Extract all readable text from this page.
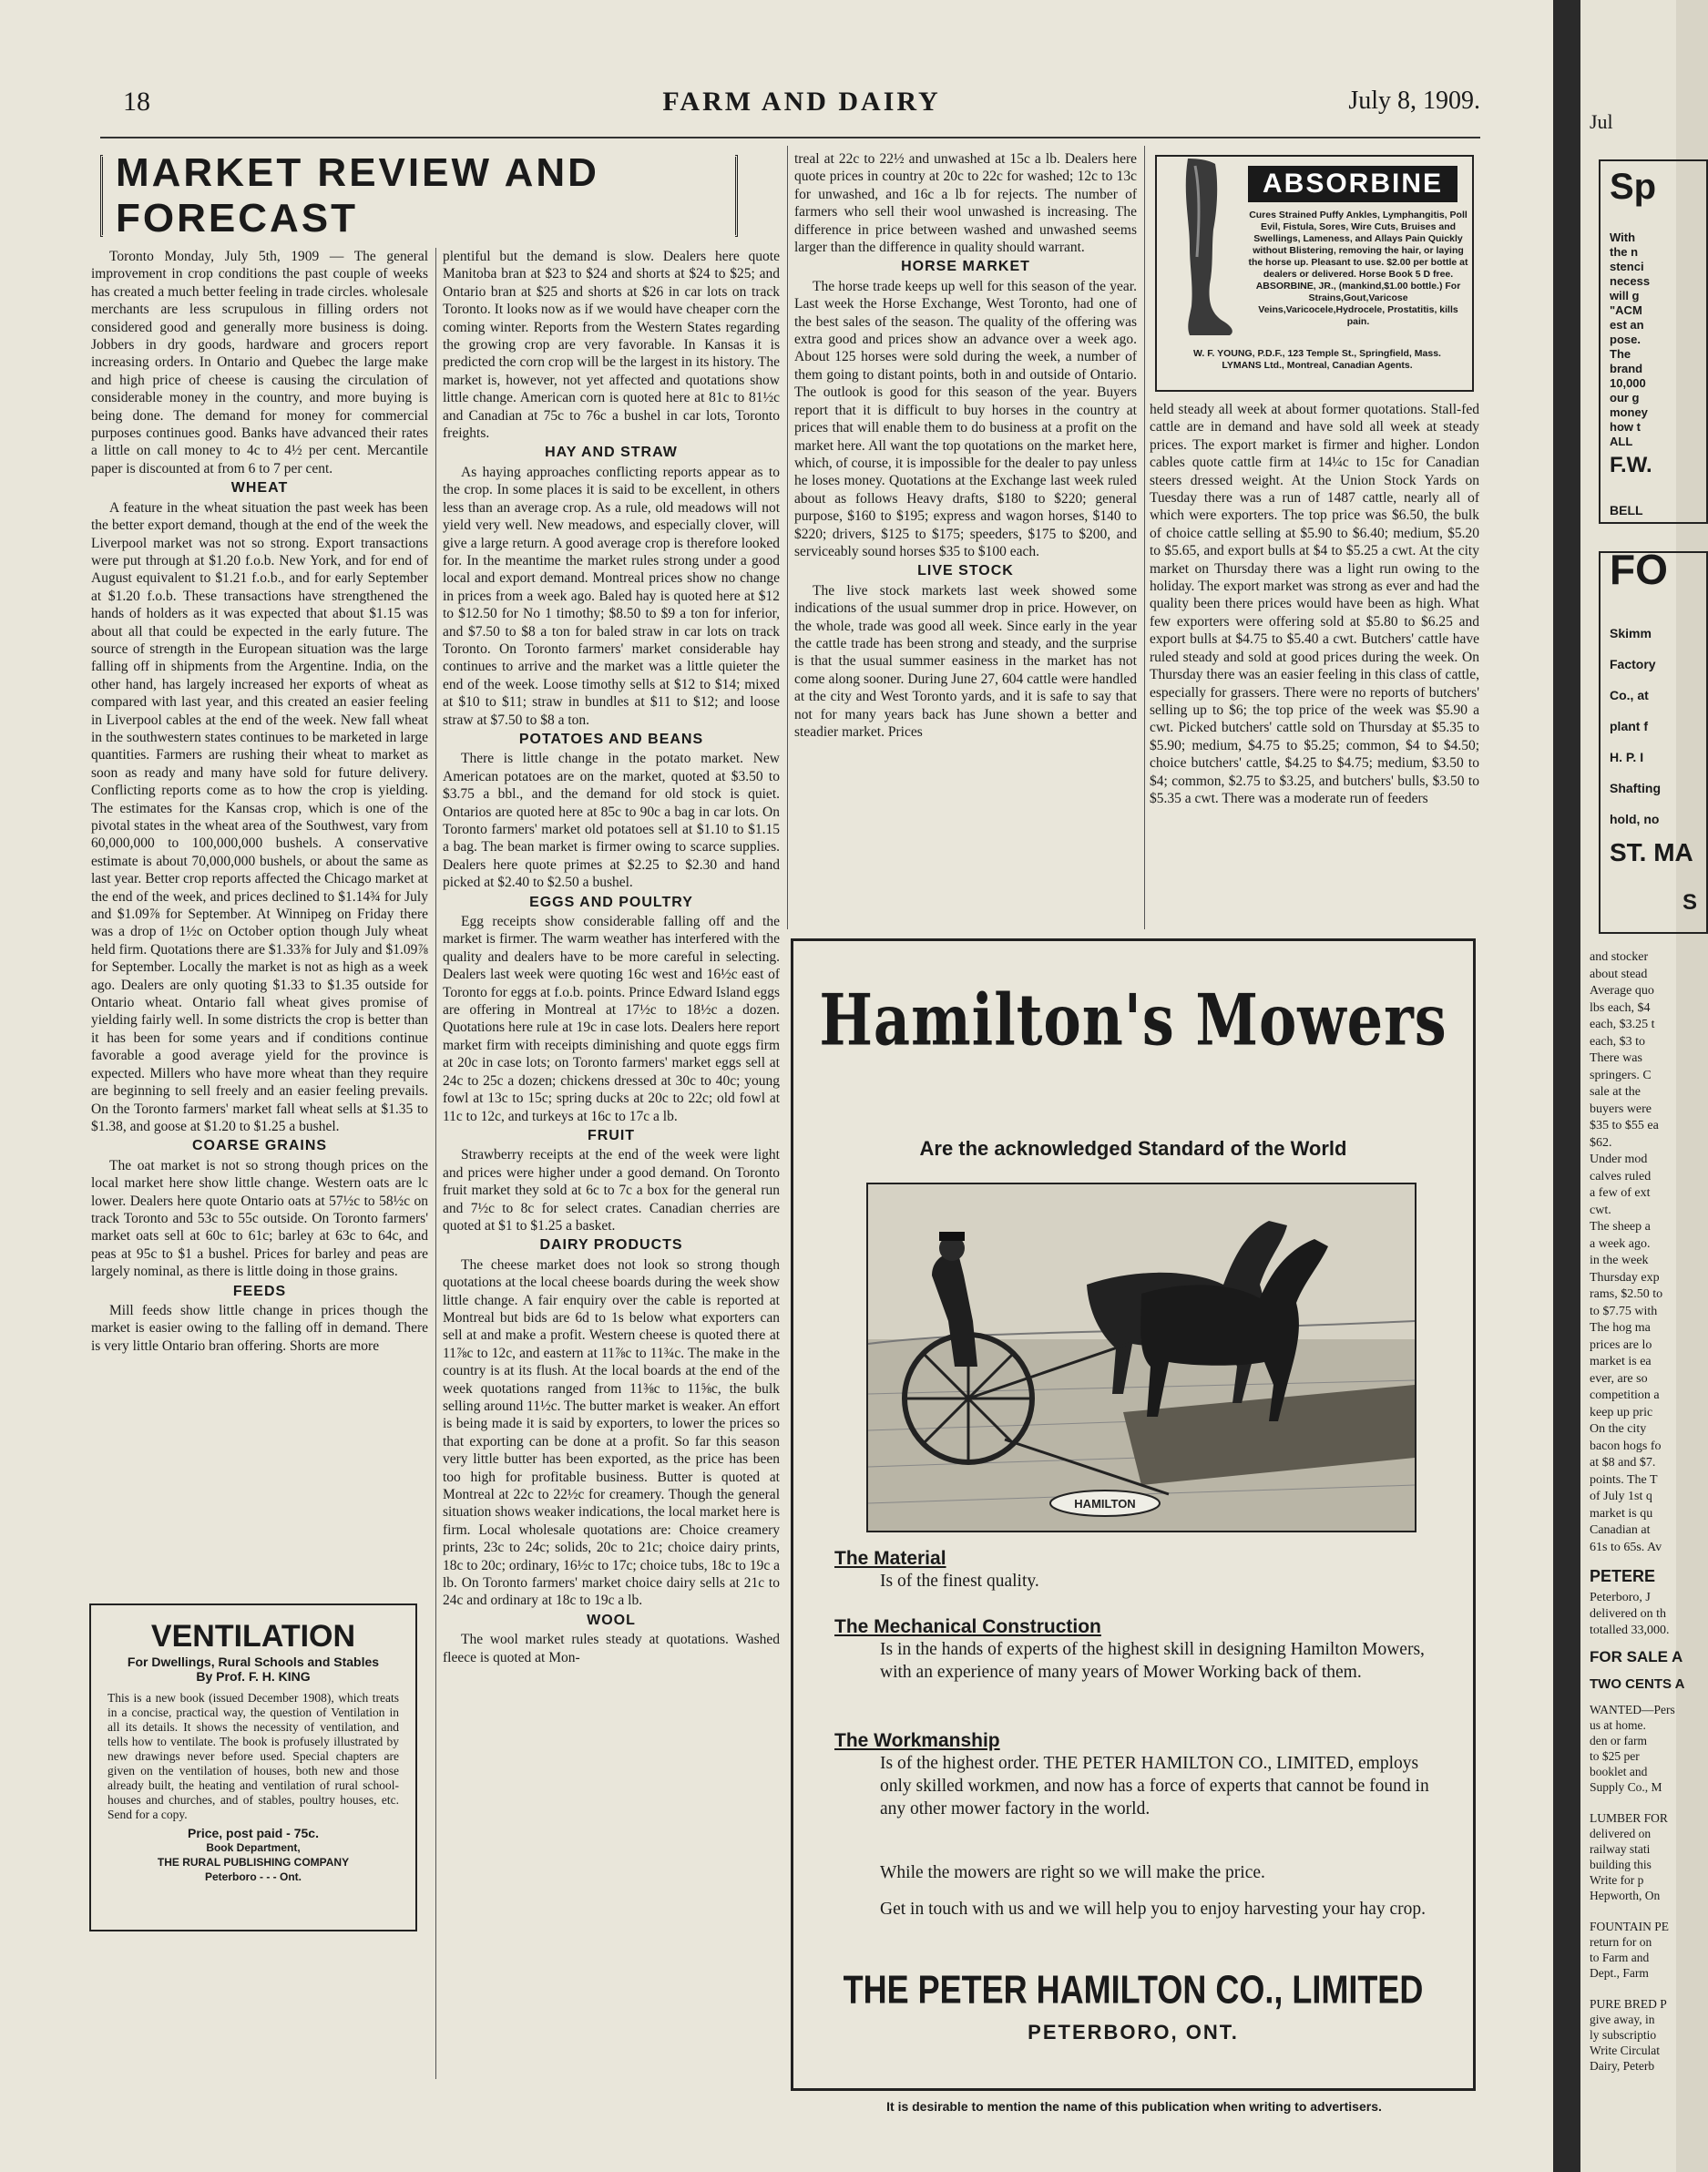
18	FARM AND DAIRY	July 8, 1909.
MARKET REVIEW AND FORECAST

Toronto Monday, July 5th, 1909 — The general improvement in crop conditions the past couple of weeks has created a much better feeling in trade circles. wholesale merchants are less scrupulous in filling orders not considered good and generally more business is doing. Jobbers in dry goods, hardware and grocers report increasing orders. In Ontario and Quebec the large make and high price of cheese is causing the circulation of considerable money in the country, and more buying is being done. The demand for money for commercial purposes continues good. Banks have advanced their rates a little on call money to 4c to 4½ per cent. Mercantile paper is discounted at from 6 to 7 per cent.

WHEAT

A feature in the wheat situation the past week has been the better export demand, though at the end of the week the Liverpool market was not so strong. Export transactions were put through at $1.20 f.o.b. New York, and for end of August equivalent to $1.21 f.o.b., and for early September at $1.20 f.o.b. These transactions have strengthened the hands of holders as it was expected that about $1.15 was about all that could be expected in the early future. The source of strength in the European situation was the large falling off in shipments from the Argentine. India, on the other hand, has largely increased her exports of wheat as compared with last year, and this created an easier feeling in Liverpool cables at the end of the week. New fall wheat in the southwestern states continues to be marketed in large quantities. Farmers are rushing their wheat to market as soon as ready and many have sold for future delivery. Conflicting reports come as to how the crop is yielding. The estimates for the Kansas crop, which is one of the pivotal states in the wheat area of the Southwest, vary from 60,000,000 to 100,000,000 bushels. A conservative estimate is about 70,000,000 bushels, or about the same as last year. Better crop reports affected the Chicago market at the end of the week, and prices declined to $1.14¾ for July and $1.09⅞ for September. At Winnipeg on Friday there was a drop of 1½c on October option though July wheat held firm. Quotations there are $1.33⅞ for July and $1.09⅞ for September. Locally the market is not as high as a week ago. Dealers are only quoting $1.33 to $1.35 outside for Ontario wheat. Ontario fall wheat gives promise of yielding fairly well. In some districts the crop is better than it has been for some years and if conditions continue favorable a good average yield for the province is expected. Millers who have more wheat than they require are beginning to sell freely and an easier feeling prevails. On the Toronto farmers' market fall wheat sells at $1.35 to $1.38, and goose at $1.20 to $1.25 a bushel.

COARSE GRAINS

The oat market is not so strong though prices on the local market here show little change. Western oats are lc lower. Dealers here quote Ontario oats at 57½c to 58½c on track Toronto and 53c to 55c outside. On Toronto farmers' market oats sell at 60c to 61c; barley at 63c to 64c, and peas at 95c to $1 a bushel. Prices for barley and peas are largely nominal, as there is little doing in those grains.

FEEDS

Mill feeds show little change in prices though the market is easier owing to the falling off in demand. There is very little Ontario bran offering. Shorts are more

VENTILATION
For Dwellings, Rural Schools and Stables
By Prof. F. H. KING
This is a new book (issued December 1908), which treats in a concise, practical way, the question of Ventilation in all its details. It shows the necessity of ventilation, and tells how to ventilate. The book is profusely illustrated by new drawings never before used. Special chapters are given on the ventilation of houses, both new and those already built, the heating and ventilation of rural school-houses and churches, and of stables, poultry houses, etc. Send for a copy.
Price, post paid - 75c.
Book Department,
THE RURAL PUBLISHING COMPANY
Peterboro - - - Ont.

plentiful but the demand is slow. Dealers here quote Manitoba bran at $23 to $24 and shorts at $24 to $25; and Ontario bran at $25 and shorts at $26 in car lots on track Toronto. It looks now as if we would have cheaper corn the coming winter. Reports from the Western States regarding the growing crop are very favorable. In Kansas it is predicted the corn crop will be the largest in its history. The market is, however, not yet affected and quotations show little change. American corn is quoted here at 81c to 81½c and Canadian at 75c to 76c a bushel in car lots, Toronto freights.

HAY AND STRAW

As haying approaches conflicting reports appear as to the crop. In some places it is said to be excellent, in others less than an average crop. As a rule, old meadows will not yield very well. New meadows, and especially clover, will give a large return. A good average crop is therefore looked for. In the meantime the market rules strong under a good local and export demand. Montreal prices show no change in prices from a week ago. Baled hay is quoted here at $12 to $12.50 for No 1 timothy; $8.50 to $9 a ton for inferior, and $7.50 to $8 a ton for baled straw in car lots on track Toronto. On Toronto farmers' market considerable hay continues to arrive and the market was a little quieter the end of the week. Loose timothy sells at $12 to $14; mixed at $10 to $11; straw in bundles at $11 to $12; and loose straw at $7.50 to $8 a ton.

POTATOES AND BEANS

There is little change in the potato market. New American potatoes are on the market, quoted at $3.50 to $3.75 a bbl., and the demand for old stock is quiet. Ontarios are quoted here at 85c to 90c a bag in car lots. On Toronto farmers' market old potatoes sell at $1.10 to $1.15 a bag. The bean market is firmer owing to scarce supplies. Dealers here quote primes at $2.25 to $2.30 and hand picked at $2.40 to $2.50 a bushel.

EGGS AND POULTRY

Egg receipts show considerable falling off and the market is firmer. The warm weather has interfered with the quality and dealers have to be more careful in selecting. Dealers last week were quoting 16c west and 16½c east of Toronto for eggs at f.o.b. points. Prince Edward Island eggs are offering in Montreal at 17½c to 18½c a dozen. Quotations here rule at 19c in case lots. Dealers here report market firm with receipts diminishing and quote eggs firm at 20c in case lots; on Toronto farmers' market eggs sell at 24c to 25c a dozen; chickens dressed at 30c to 40c; young fowl at 13c to 15c; spring ducks at 20c to 22c; old fowl at 11c to 12c, and turkeys at 16c to 17c a lb.

FRUIT

Strawberry receipts at the end of the week were light and prices were higher under a good demand. On Toronto fruit market they sold at 6c to 7c a box for the general run and 7½c to 8c for select crates. Canadian cherries are quoted at $1 to $1.25 a basket.

DAIRY PRODUCTS

The cheese market does not look so strong though quotations at the local cheese boards during the week show little change. A fair enquiry over the cable is reported at Montreal but bids are 6d to 1s below what exporters can sell at and make a profit. Western cheese is quoted there at 11⅞c to 12c, and eastern at 11⅞c to 11¾c. The make in the country is at its flush. At the local boards at the end of the week quotations ranged from 11⅜c to 11⅝c, the bulk selling around 11½c. The butter market is weaker. An effort is being made it is said by exporters, to lower the prices so that exporting can be done at a profit. So far this season very little butter has been exported, as the price has been too high for profitable business. Butter is quoted at Montreal at 22c to 22½c for creamery. Though the general situation shows weaker indications, the local market here is firm. Local wholesale quotations are: Choice creamery prints, 23c to 24c; solids, 20c to 21c; choice dairy prints, 18c to 20c; ordinary, 16½c to 17c; choice tubs, 18c to 19c a lb. On Toronto farmers' market choice dairy sells at 21c to 24c and ordinary at 18c to 19c a lb.

WOOL

The wool market rules steady at quotations. Washed fleece is quoted at Mon-

treal at 22c to 22½ and unwashed at 15c a lb. Dealers here quote prices in country at 20c to 22c for washed; 12c to 13c for unwashed, and 16c a lb for rejects. The number of farmers who sell their wool unwashed is increasing. The difference in price between washed and unwashed seems larger than the difference in quality should warrant.

HORSE MARKET

The horse trade keeps up well for this season of the year. Last week the Horse Exchange, West Toronto, had one of the best sales of the season. The quality of the offering was extra good and prices show an advance over a week ago. About 125 horses were sold during the week, a number of them going to distant points, both in and outside of Ontario. The outlook is good for this season of the year. Buyers report that it is difficult to buy horses in the country at prices that will enable them to do business at a profit on the market here. All want the top quotations on the market here, which, of course, it is impossible for the dealer to pay unless he loses money. Quotations at the Exchange last week ruled about as follows Heavy drafts, $180 to $220; general purpose, $160 to $195; express and wagon horses, $140 to $220; drivers, $125 to $175; speeders, $175 to $200, and serviceably sound horses $35 to $100 each.

LIVE STOCK

The live stock markets last week showed some indications of the usual summer drop in price. However, on the whole, trade was good all week. Since early in the year the cattle trade has been strong and steady, and the surprise is that the usual summer easiness in the market has not come along sooner. During June 27, 604 cattle were handled at the city and West Toronto yards, and it is safe to say that not for many years back has June shown a better and steadier market. Prices

ABSORBINE
Cures Strained Puffy Ankles, Lymphangitis, Poll Evil, Fistula, Sores, Wire Cuts, Bruises and Swellings, Lameness, and Allays Pain Quickly without Blistering, removing the hair, or laying the horse up. Pleasant to use. $2.00 per bottle at dealers or delivered. Horse Book 5 D free. ABSORBINE, JR., (mankind,$1.00 bottle.) For Strains,Gout,Varicose Veins,Varicocele,Hydrocele, Prostatitis, kills pain.
W. F. YOUNG, P.D.F., 123 Temple St., Springfield, Mass.
LYMANS Ltd., Montreal, Canadian Agents.

held steady all week at about former quotations. Stall-fed cattle are in demand and have sold all week at steady prices. The export market is firmer and higher. London cables quote cattle firm at 14¼c to 15c for Canadian steers dressed weight. At the Union Stock Yards on Tuesday there was a run of 1487 cattle, nearly all of which were exporters. The top price was $6.50, the bulk of choice cattle selling at $5.90 to $6.40; medium, $5.20 to $5.65, and export bulls at $4 to $5.25 a cwt. At the city market on Thursday there was a light run owing to the holiday. The export market was strong as ever and had the quality been there prices would have been as high. What few exporters were offering sold at $5.80 to $6.25 and export bulls at $4.75 to $5.40 a cwt. Butchers' cattle have ruled steady and sold at good prices during the week. On Thursday there was an easier feeling in this class of cattle, especially for grassers. There were no reports of butchers' selling up to $6; the top price of the week was $5.90 a cwt. Picked butchers' cattle sold on Thursday at $5.35 to $5.90; medium, $4.75 to $5.25; common, $4 to $4.50; choice butchers' cattle, $4.25 to $4.75; medium, $3.50 to $4; common, $2.75 to $3.25, and butchers' bulls, $3.50 to $5.35 a cwt. There was a moderate run of feeders

Hamilton's Mowers
Are the acknowledged Standard of the World
HAMILTON
The Material
Is of the finest quality.
The Mechanical Construction
Is in the hands of experts of the highest skill in designing Hamilton Mowers, with an experience of many years of Mower Working back of them.
The Workmanship
Is of the highest order. THE PETER HAMILTON CO., LIMITED, employs only skilled workmen, and now has a force of experts that cannot be found in any other mower factory in the world.
While the mowers are right so we will make the price.
Get in touch with us and we will help you to enjoy harvesting your hay crop.
THE PETER HAMILTON CO., LIMITED
PETERBORO, ONT.
It is desirable to mention the name of this publication when writing to advertisers.
Jul
Sp
With
the n
stenci
necess
will g
"ACM
est an
pose.
The
brand
10,000
our g
money
how t
ALL
F.W.
BELL
FO
Skimm
Factory
Co., at
plant f
H. P. I
Shafting
hold, no
ST. MA
S
and stocker
about stead
Average quo
lbs each, $4
each, $3.25 t
each, $3 to
There was
springers. C
sale at the
buyers were
$35 to $55 ea
$62.
Under mod
calves ruled
a few of ext
cwt.
The sheep a
a week ago.
in the week
Thursday exp
rams, $2.50 to
to $7.75 with
The hog ma
prices are lo
market is ea
ever, are so
competition a
keep up pric
On the city
bacon hogs fo
at $8 and $7.
points. The T
of July 1st q
market is qu
Canadian at
61s to 65s. Av
PETERE
Peterboro, J
delivered on th
totalled 33,000.
FOR SALE A
TWO CENTS A
WANTED—Pers
us at home.
den or farm
to $25 per
booklet and
Supply Co., M
LUMBER FOR
delivered on
railway stati
building this
Write for p
Hepworth, On
FOUNTAIN PE
return for on
to Farm and
Dept., Farm
PURE BRED P
give away, in
ly subscriptio
Write Circulat
Dairy, Peterb
